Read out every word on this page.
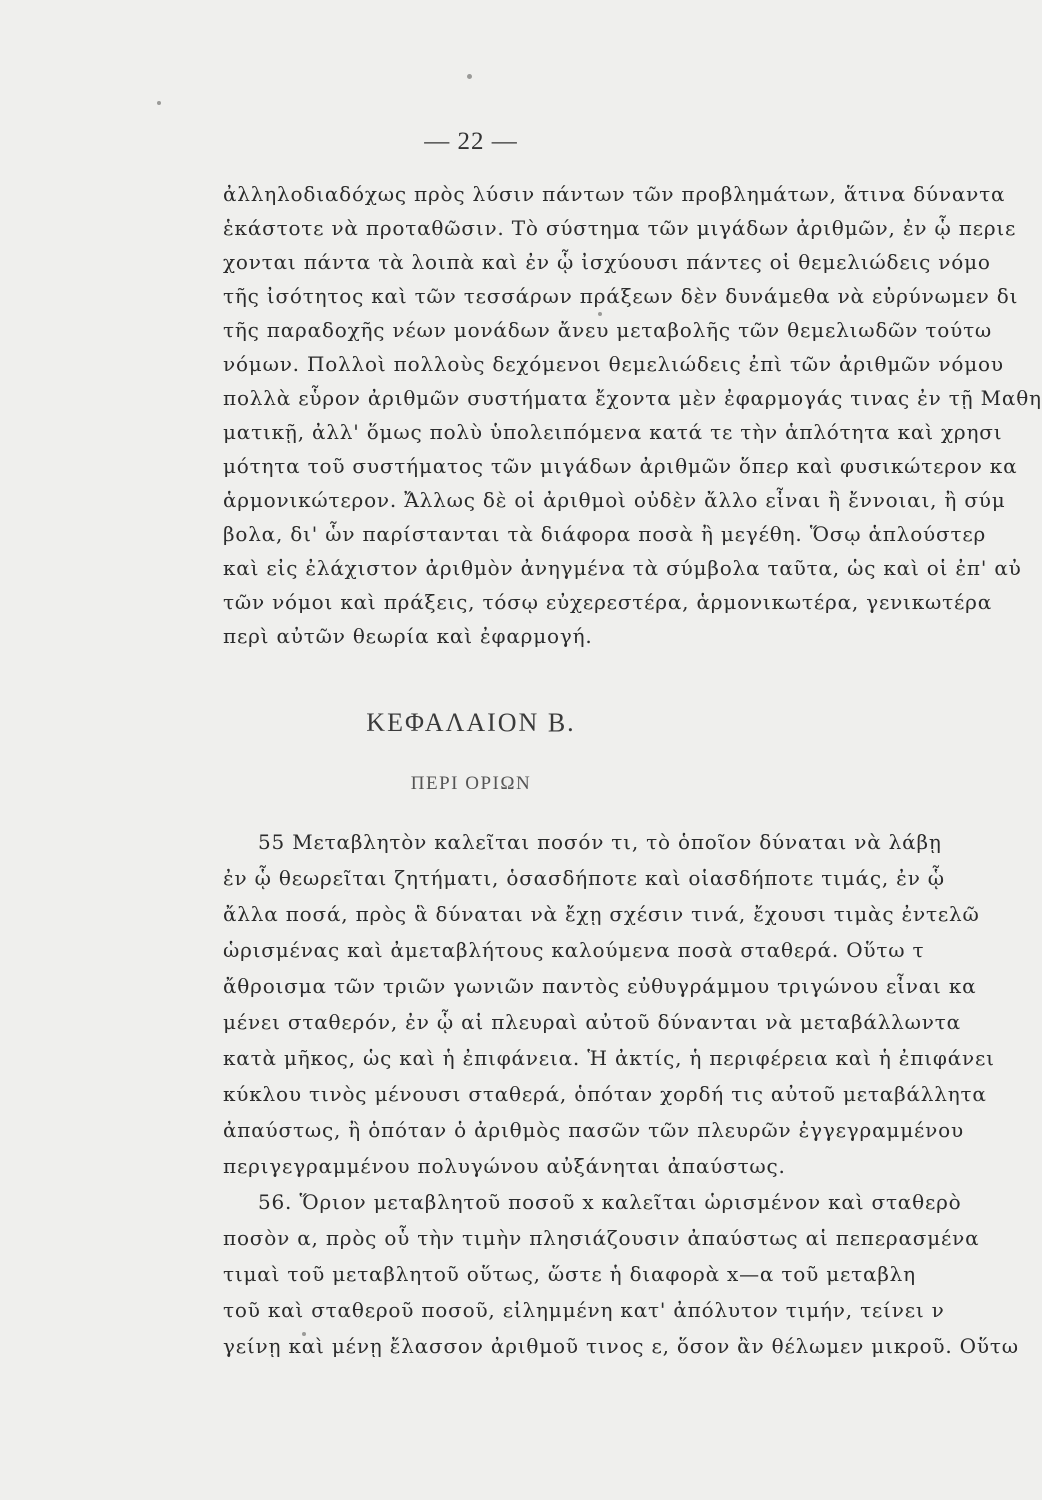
— 22 —
ἀλληλοδιαδόχως πρὸς λύσιν πάντων τῶν προβλημάτων, ἅτινα δύναντα
ἑκάστοτε νὰ προταθῶσιν. Τὸ σύστημα τῶν μιγάδων ἀριθμῶν, ἐν ᾧ περιε
χονται πάντα τὰ λοιπὰ καὶ ἐν ᾧ ἰσχύουσι πάντες οἱ θεμελιώδεις νόμο
τῆς ἰσότητος καὶ τῶν τεσσάρων πράξεων δὲν δυνάμεθα νὰ εὐρύνωμεν δι
τῆς παραδοχῆς νέων μονάδων ἄνευ μεταβολῆς τῶν θεμελιωδῶν τούτω
νόμων. Πολλοὶ πολλοὺς δεχόμενοι θεμελιώδεις ἐπὶ τῶν ἀριθμῶν νόμου
πολλὰ εὗρον ἀριθμῶν συστήματα ἔχοντα μὲν ἐφαρμογάς τινας ἐν τῇ Μαθη
ματικῇ, ἀλλ' ὅμως πολὺ ὑπολειπόμενα κατά τε τὴν ἁπλότητα καὶ χρησι
μότητα τοῦ συστήματος τῶν μιγάδων ἀριθμῶν ὅπερ καὶ φυσικώτερον κα
ἁρμονικώτερον. Ἄλλως δὲ οἱ ἀριθμοὶ οὐδὲν ἄλλο εἶναι ἢ ἔννοιαι, ἢ σύμ
βολα, δι' ὧν παρίστανται τὰ διάφορα ποσὰ ἢ μεγέθη. Ὅσῳ ἁπλούστερ
καὶ εἰς ἐλάχιστον ἀριθμὸν ἀνηγμένα τὰ σύμβολα ταῦτα, ὡς καὶ οἱ ἐπ' αὐ
τῶν νόμοι καὶ πράξεις, τόσῳ εὐχερεστέρα, ἁρμονικωτέρα, γενικωτέρα
περὶ αὐτῶν θεωρία καὶ ἐφαρμογή.
ΚΕΦΑΛΑΙΟΝ Β.
ΠΕΡΙ ΟΡΙΩΝ
55 Μεταβλητὸν καλεῖται ποσόν τι, τὸ ὁποῖον δύναται νὰ λάβῃ
ἐν ᾧ θεωρεῖται ζητήματι, ὁσασδήποτε καὶ οἱασδήποτε τιμάς, ἐν ᾧ
ἄλλα ποσά, πρὸς ἃ δύναται νὰ ἔχῃ σχέσιν τινά, ἔχουσι τιμὰς ἐντελῶ
ὡρισμένας καὶ ἀμεταβλήτους καλούμενα ποσὰ σταθερά. Οὕτω τ
ἄθροισμα τῶν τριῶν γωνιῶν παντὸς εὐθυγράμμου τριγώνου εἶναι κα
μένει σταθερόν, ἐν ᾧ αἱ πλευραὶ αὐτοῦ δύνανται νὰ μεταβάλλωντα
κατὰ μῆκος, ὡς καὶ ἡ ἐπιφάνεια. Ἡ ἀκτίς, ἡ περιφέρεια καὶ ἡ ἐπιφάνει
κύκλου τινὸς μένουσι σταθερά, ὁπόταν χορδή τις αὐτοῦ μεταβάλλητα
ἀπαύστως, ἢ ὁπόταν ὁ ἀριθμὸς πασῶν τῶν πλευρῶν ἐγγεγραμμένου
περιγεγραμμένου πολυγώνου αὐξάνηται ἀπαύστως.
56. Ὅριον μεταβλητοῦ ποσοῦ x καλεῖται ὡρισμένον καὶ σταθερὸ
ποσὸν α, πρὸς οὗ τὴν τιμὴν πλησιάζουσιν ἀπαύστως αἱ πεπερασμένα
τιμαὶ τοῦ μεταβλητοῦ οὕτως, ὥστε ἡ διαφορὰ x—α τοῦ μεταβλη
τοῦ καὶ σταθεροῦ ποσοῦ, εἰλημμένη κατ' ἀπόλυτον τιμήν, τείνει ν
γείνῃ καὶ μένῃ ἔλασσον ἀριθμοῦ τινος ε, ὅσον ἂν θέλωμεν μικροῦ. Οὕτω
